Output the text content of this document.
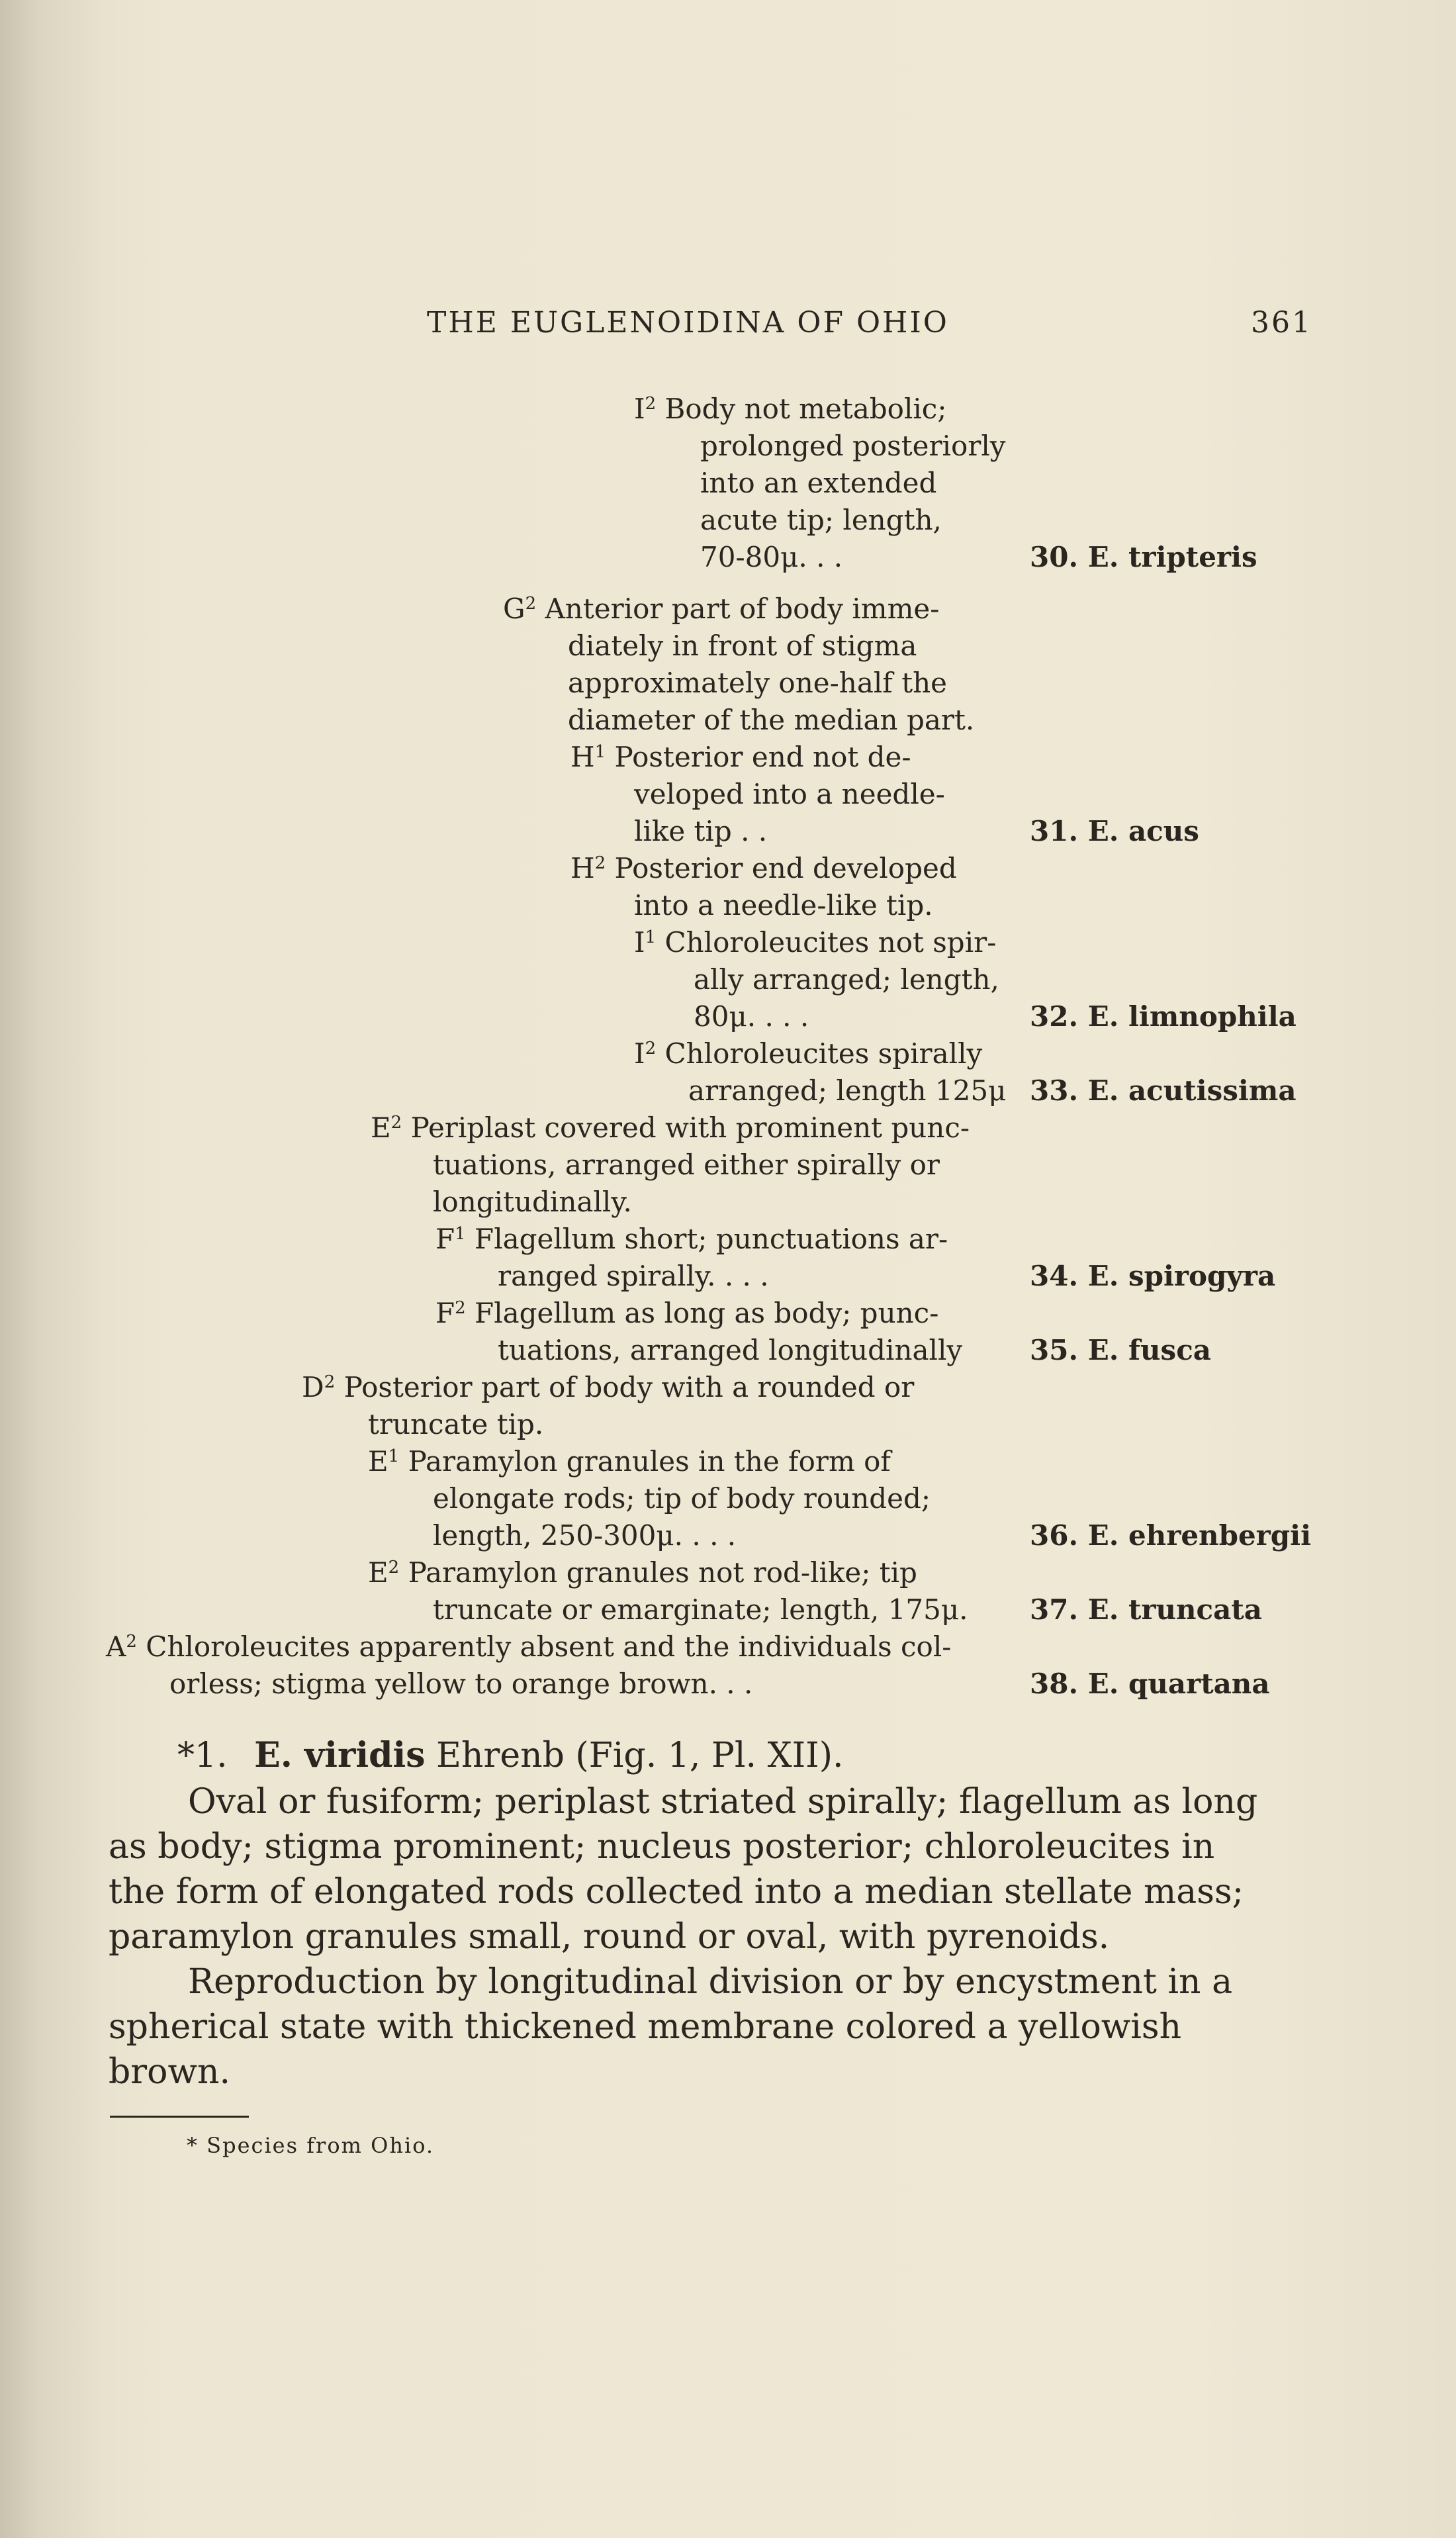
THE EUGLENOIDINA OF OHIO	361
$I^2$ Body not metabolic;
prolonged posteriorly
into an extended
acute tip; length,
70-80μ. . .	30. E. tripteris
$G^2$ Anterior part of body imme-
diately in front of stigma
approximately one-half the
diameter of the median part.
$H^1$ Posterior end not de-
veloped into a needle-
like tip . .	31. E. acus
$H^2$ Posterior end developed
into a needle-like tip.
$I^1$ Chloroleucites not spir-
ally arranged; length,
80μ. . . .	32. E. limnophila
$I^2$ Chloroleucites spirally
arranged; length 125μ 33. E. acutissima
$E^2$ Periplast covered with prominent punc-
tuations, arranged either spirally or
longitudinally.
$F^1$ Flagellum short; punctuations ar-
ranged spirally. . . .	34. E. spirogyra
$F^2$ Flagellum as long as body; punc-
tuations, arranged longitudinally 35. E. fusca
$D^2$ Posterior part of body with a rounded or
truncate tip.
$E^1$ Paramylon granules in the form of
elongate rods; tip of body rounded;
length, 250-300μ. . . .	36. E. ehrenbergii
$E^2$ Paramylon granules not rod-like; tip
truncate or emarginate; length, 175μ. 37. E. truncata
$A^2$ Chloroleucites apparently absent and the individuals col-
orless; stigma yellow to orange brown. . .	38. E. quartana
*1. E. viridis Ehrenb (Fig. 1, Pl. XII).
Oval or fusiform; periplast striated spirally; flagellum as long
as body; stigma prominent; nucleus posterior; chloroleucites in
the form of elongated rods collected into a median stellate mass;
paramylon granules small, round or oval, with pyrenoids.
Reproduction by longitudinal division or by encystment in a
spherical state with thickened membrane colored a yellowish
brown.
* Species from Ohio.
